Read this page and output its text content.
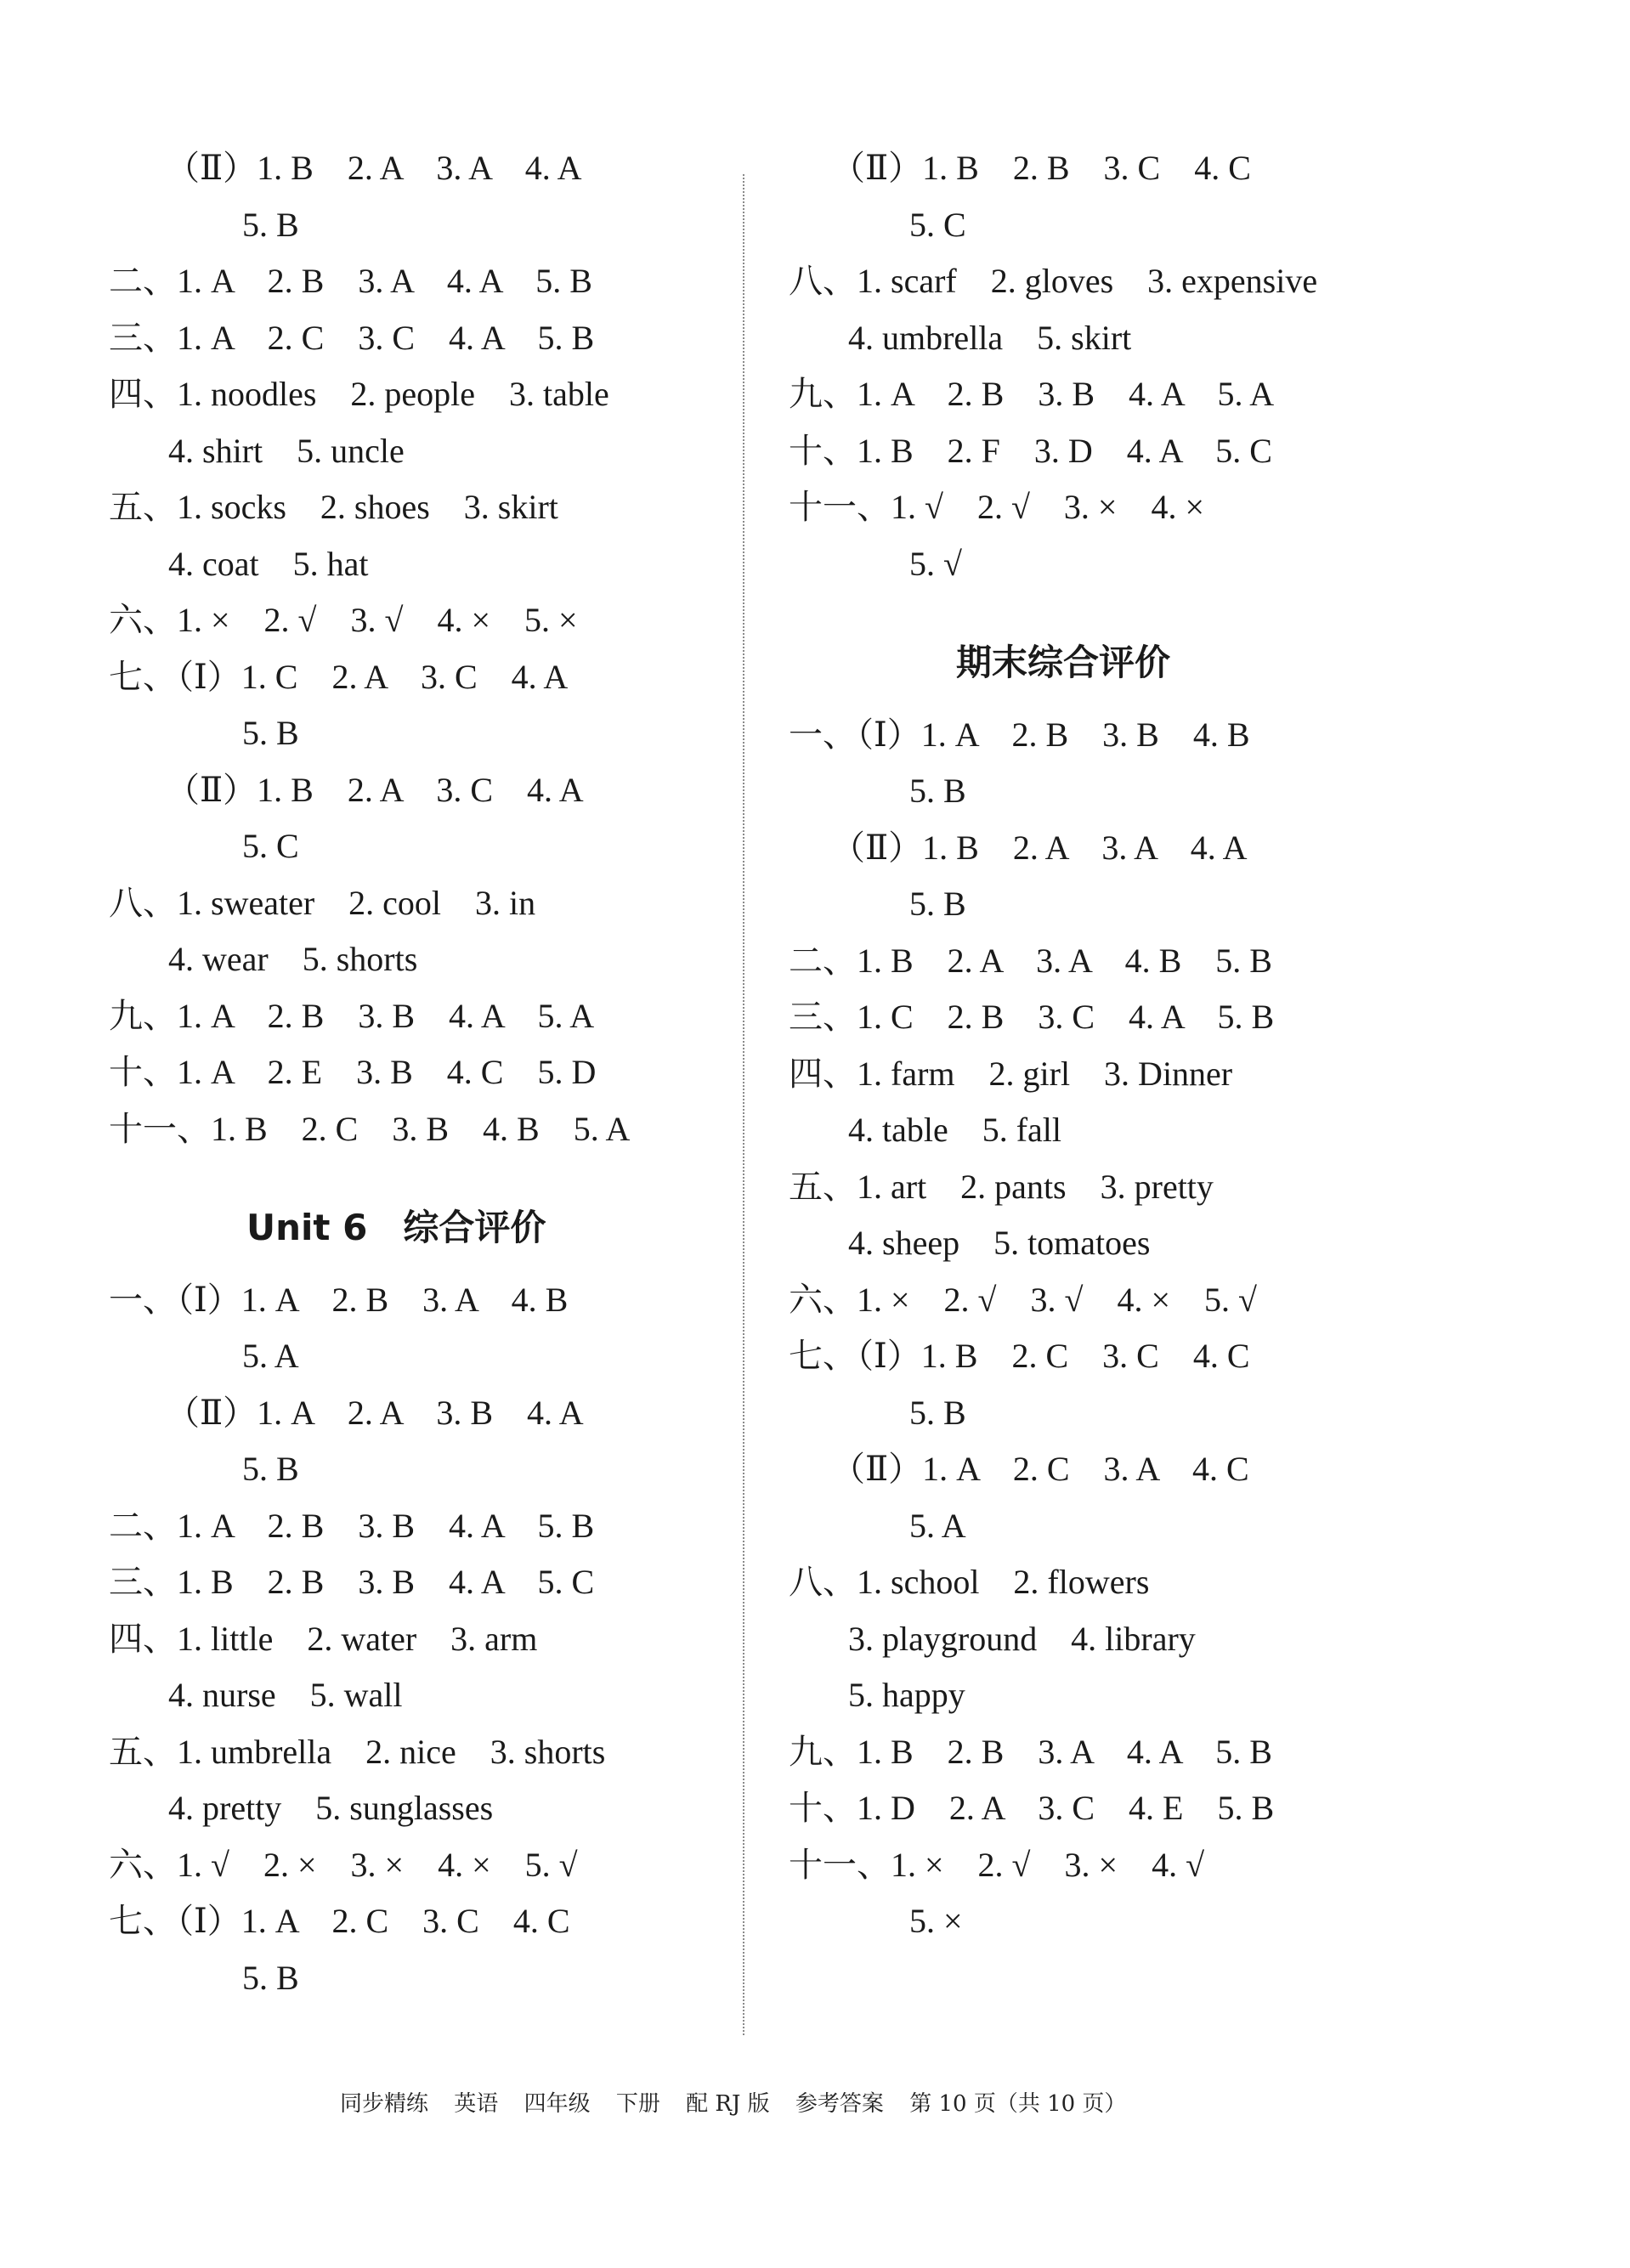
（Ⅱ）1. B　2. A　3. A　4. A
5. B
二、1. A　2. B　3. A　4. A　5. B
三、1. A　2. C　3. C　4. A　5. B
四、1. noodles　2. people　3. table
4. shirt　5. uncle
五、1. socks　2. shoes　3. skirt
4. coat　5. hat
六、1. ×　2. √　3. √　4. ×　5. ×
七、（Ⅰ）1. C　2. A　3. C　4. A
5. B
（Ⅱ）1. B　2. A　3. C　4. A
5. C
八、1. sweater　2. cool　3. in
4. wear　5. shorts
九、1. A　2. B　3. B　4. A　5. A
十、1. A　2. E　3. B　4. C　5. D
十一、1. B　2. C　3. B　4. B　5. A
Unit 6　综合评价
一、（Ⅰ）1. A　2. B　3. A　4. B
5. A
（Ⅱ）1. A　2. A　3. B　4. A
5. B
二、1. A　2. B　3. B　4. A　5. B
三、1. B　2. B　3. B　4. A　5. C
四、1. little　2. water　3. arm
4. nurse　5. wall
五、1. umbrella　2. nice　3. shorts
4. pretty　5. sunglasses
六、1. √　2. ×　3. ×　4. ×　5. √
七、（Ⅰ）1. A　2. C　3. C　4. C
5. B
（Ⅱ）1. B　2. B　3. C　4. C
5. C
八、1. scarf　2. gloves　3. expensive
4. umbrella　5. skirt
九、1. A　2. B　3. B　4. A　5. A
十、1. B　2. F　3. D　4. A　5. C
十一、1. √　2. √　3. ×　4. ×
5. √
期末综合评价
一、（Ⅰ）1. A　2. B　3. B　4. B
5. B
（Ⅱ）1. B　2. A　3. A　4. A
5. B
二、1. B　2. A　3. A　4. B　5. B
三、1. C　2. B　3. C　4. A　5. B
四、1. farm　2. girl　3. Dinner
4. table　5. fall
五、1. art　2. pants　3. pretty
4. sheep　5. tomatoes
六、1. ×　2. √　3. √　4. ×　5. √
七、（Ⅰ）1. B　2. C　3. C　4. C
5. B
（Ⅱ）1. A　2. C　3. A　4. C
5. A
八、1. school　2. flowers
3. playground　4. library
5. happy
九、1. B　2. B　3. A　4. A　5. B
十、1. D　2. A　3. C　4. E　5. B
十一、1. ×　2. √　3. ×　4. √
5. ×
同步精练 英语 四年级 下册 配 RJ 版 参考答案 第 10 页（共 10 页）
